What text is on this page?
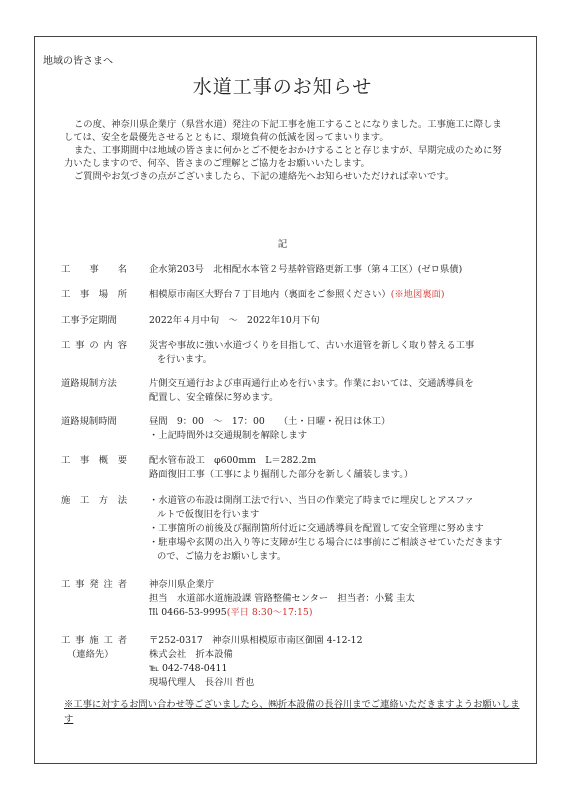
地域の皆さまへ
水道工事のお知らせ

この度、神奈川県企業庁（県営水道）発注の下記工事を施工することになりました。工事施工に際しましては、安全を最優先させるとともに、環境負荷の低減を図ってまいります。

また、工事期間中は地域の皆さまに何かとご不便をおかけすることと存じますが、早期完成のために努力いたしますので、何卒、皆さまのご理解とご協力をお願いいたします。

ご質問やお気づきの点がございましたら、下記の連絡先へお知らせいただければ幸いです。

記
工事名 企水第203号　北相配水本管２号基幹管路更新工事（第４工区）(ゼロ県債)
工事場所 相模原市南区大野台７丁目地内（裏面をご参照ください）(※地図裏面)
工事予定期間	2022年４月中旬　～　2022年10月下旬
工事の内容 災害や事故に強い水道づくりを目指して、古い水道管を新しく取り替える工事
を行います。
道路規制方法	片側交互通行および車両通行止めを行います。作業においては、交通誘導員を
配置し、安全確保に努めます。
道路規制時間	昼間　9：00　～　17：00　　（土・日曜・祝日は休工）
・上記時間外は交通規制を解除します
工事概要 配水管布設工　φ600mm　L＝282.2m
路面復旧工事（工事により掘削した部分を新しく舗装します。）
施工方法 ・水道管の布設は開削工法で行い、当日の作業完了時までに埋戻しとアスファ
ルトで仮復旧を行います
・工事箇所の前後及び掘削箇所付近に交通誘導員を配置して安全管理に努めます
・駐車場や玄関の出入り等に支障が生じる場合には事前にご相談させていただきます
ので、ご協力をお願いします。
工事発注者 神奈川県企業庁
担当　水道部水道施設課 管路整備センター　担当者：小鷲 圭太
℡ 0466-53-9995(平日 8:30～17:15)
工事施工者
（連絡先）
〒252-0317　神奈川県相模原市南区御園 4-12-12
株式会社　折本設備
℡ 042-748-0411
現場代理人　長谷川 哲也
※工事に対するお問い合わせ等ございましたら、㈱折本設備の長谷川までご連絡いただきますようお願いします
